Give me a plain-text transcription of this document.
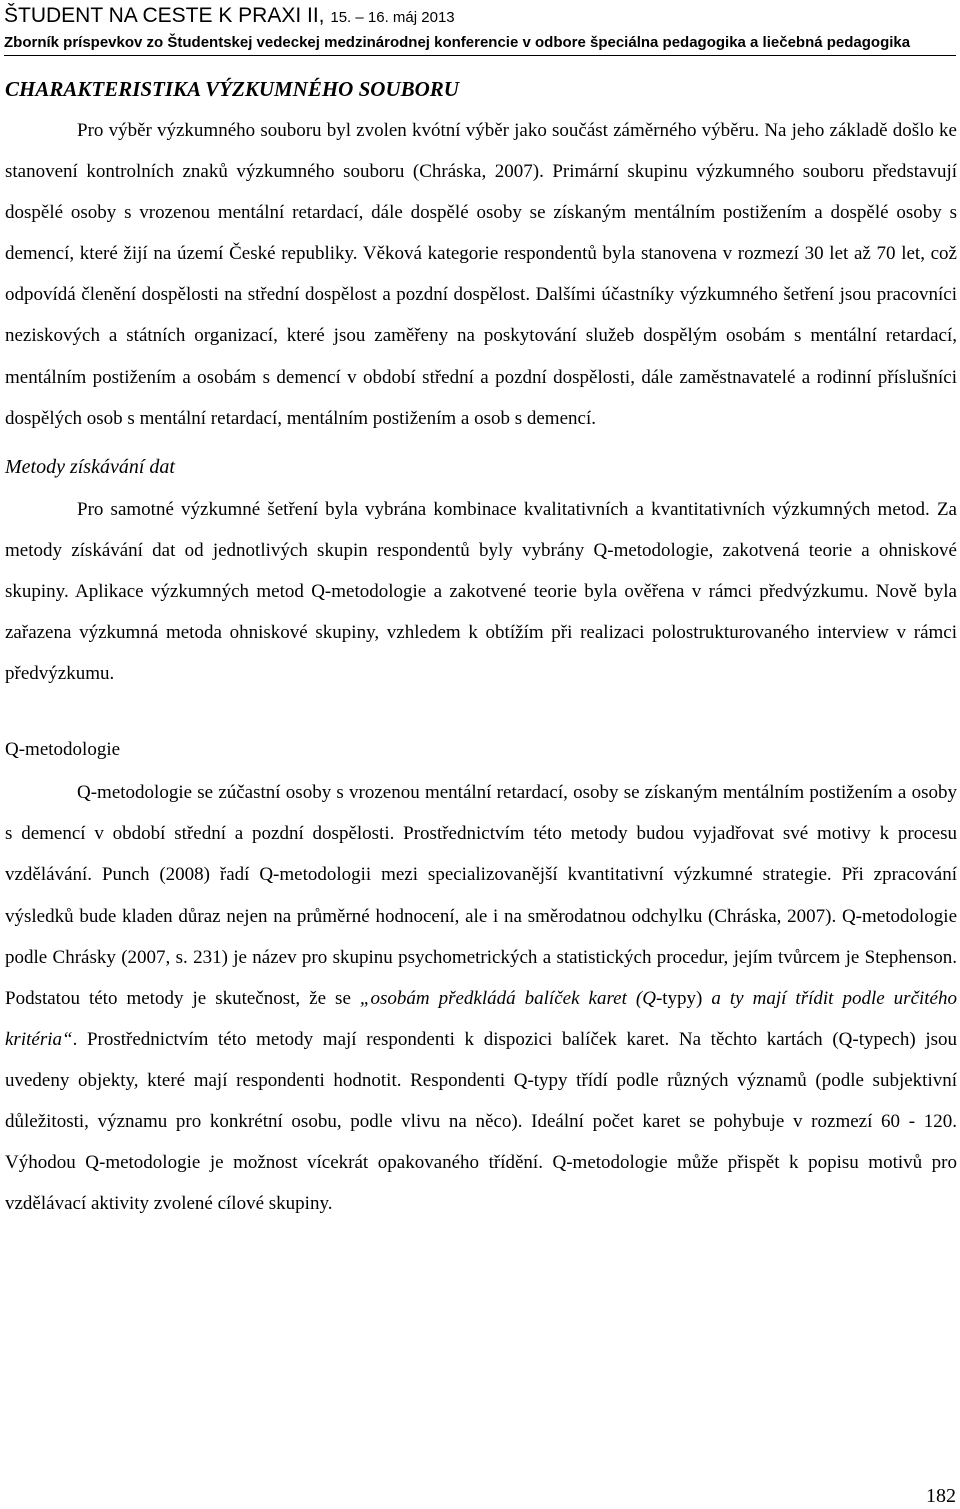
ŠTUDENT NA CESTE K PRAXI II, 15. – 16. máj 2013
Zborník príspevkov zo Študentskej vedeckej medzinárodnej konferencie v odbore špeciálna pedagogika a liečebná pedagogika
CHARAKTERISTIKA VÝZKUMNÉHO SOUBORU

Pro výběr výzkumného souboru byl zvolen kvótní výběr jako součást záměrného výběru. Na jeho základě došlo ke stanovení kontrolních znaků výzkumného souboru (Chráska, 2007). Primární skupinu výzkumného souboru představují dospělé osoby s vrozenou mentální retardací, dále dospělé osoby se získaným mentálním postižením a dospělé osoby s demencí, které žijí na území České republiky. Věková kategorie respondentů byla stanovena v rozmezí 30 let až 70 let, což odpovídá členění dospělosti na střední dospělost a pozdní dospělost. Dalšími účastníky výzkumného šetření jsou pracovníci neziskových a státních organizací, které jsou zaměřeny na poskytování služeb dospělým osobám s mentální retardací, mentálním postižením a osobám s demencí v období střední a pozdní dospělosti, dále zaměstnavatelé a rodinní příslušníci dospělých osob s mentální retardací, mentálním postižením a osob s demencí.

Metody získávání dat

Pro samotné výzkumné šetření byla vybrána kombinace kvalitativních a kvantitativních výzkumných metod. Za metody získávání dat od jednotlivých skupin respondentů byly vybrány Q-metodologie, zakotvená teorie a ohniskové skupiny. Aplikace výzkumných metod Q-metodologie a zakotvené teorie byla ověřena v rámci předvýzkumu. Nově byla zařazena výzkumná metoda ohniskové skupiny, vzhledem k obtížím při realizaci polostrukturovaného interview v rámci předvýzkumu.

Q-metodologie

Q-metodologie se zúčastní osoby s vrozenou mentální retardací, osoby se získaným mentálním postižením a osoby s demencí v období střední a pozdní dospělosti. Prostřednictvím této metody budou vyjadřovat své motivy k procesu vzdělávání. Punch (2008) řadí Q-metodologii mezi specializovanější kvantitativní výzkumné strategie. Při zpracování výsledků bude kladen důraz nejen na průměrné hodnocení, ale i na směrodatnou odchylku (Chráska, 2007). Q-metodologie podle Chrásky (2007, s. 231) je název pro skupinu psychometrických a statistických procedur, jejím tvůrcem je Stephenson. Podstatou této metody je skutečnost, že se „osobám předkládá balíček karet (Q-typy) a ty mají třídit podle určitého kritéria“. Prostřednictvím této metody mají respondenti k dispozici balíček karet. Na těchto kartách (Q-typech) jsou uvedeny objekty, které mají respondenti hodnotit. Respondenti Q-typy třídí podle různých významů (podle subjektivní důležitosti, významu pro konkrétní osobu, podle vlivu na něco). Ideální počet karet se pohybuje v rozmezí 60 - 120. Výhodou Q-metodologie je možnost vícekrát opakovaného třídění. Q-metodologie může přispět k popisu motivů pro vzdělávací aktivity zvolené cílové skupiny.

182
